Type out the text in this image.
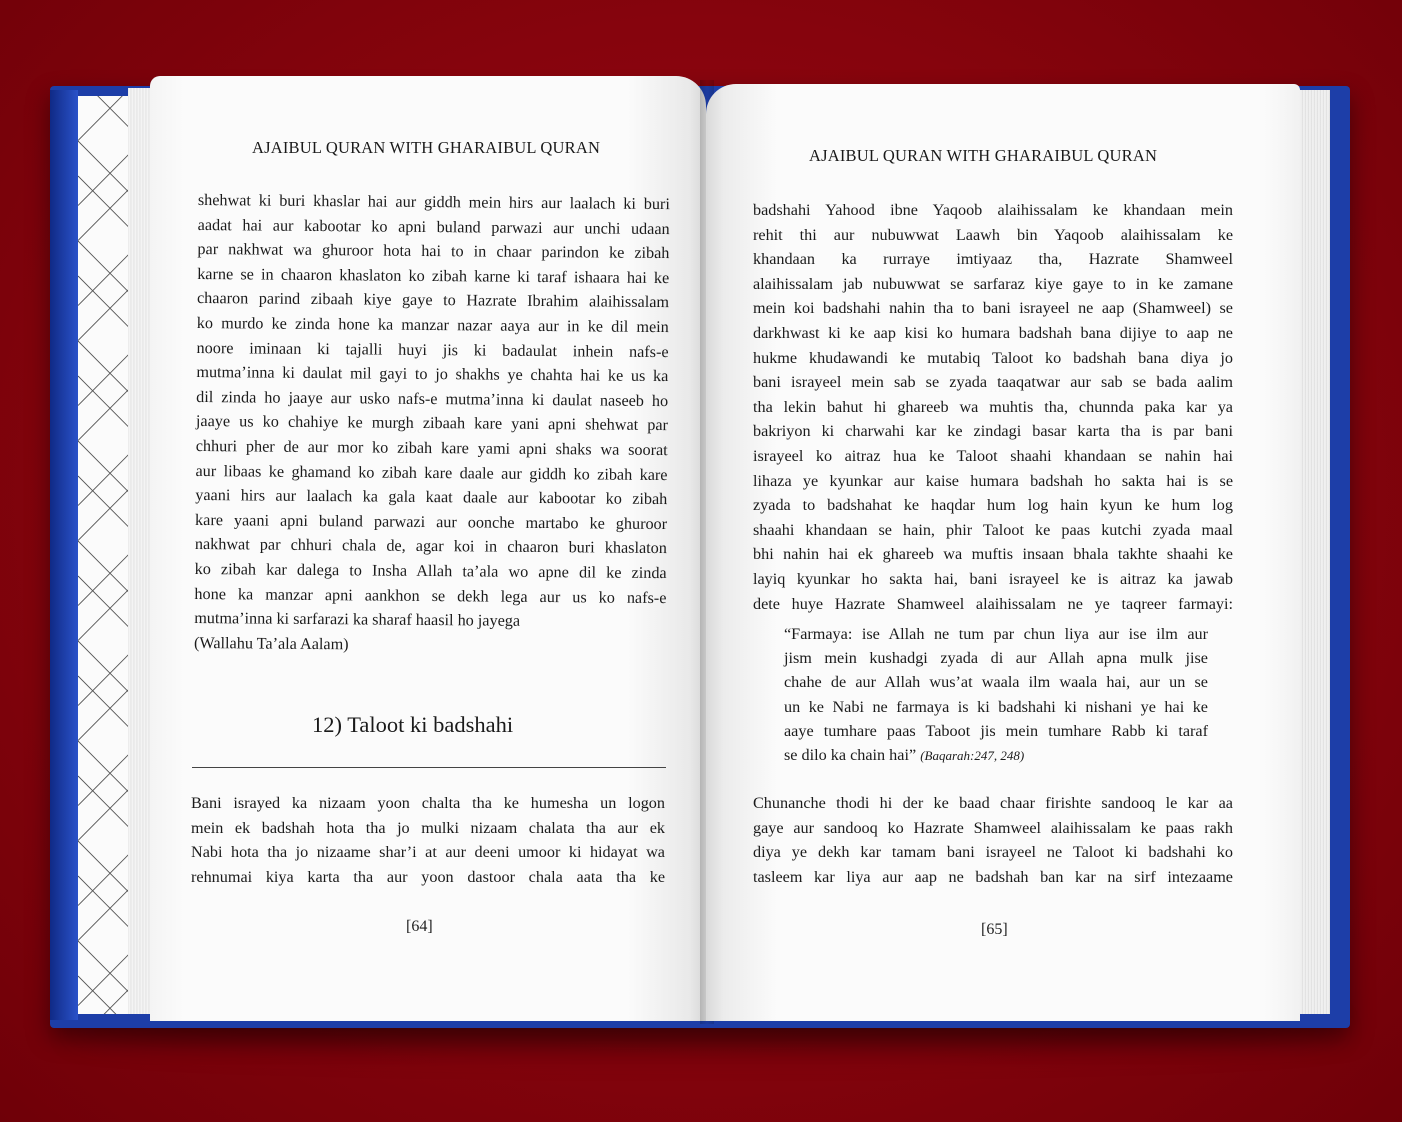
AJAIBUL QURAN WITH GHARAIBUL QURAN
shehwat ki buri khaslar hai aur giddh mein hirs aur laalach ki buri
aadat hai aur kabootar ko apni buland parwazi aur unchi udaan
par nakhwat wa ghuroor hota hai to in chaar parindon ke zibah
karne se in chaaron khaslaton ko zibah karne ki taraf ishaara hai ke
chaaron parind zibaah kiye gaye to Hazrate Ibrahim alaihissalam
ko murdo ke zinda hone ka manzar nazar aaya aur in ke dil mein
noore iminaan ki tajalli huyi jis ki badaulat inhein nafs-e
mutma’inna ki daulat mil gayi to jo shakhs ye chahta hai ke us ka
dil zinda ho jaaye aur usko nafs-e mutma’inna ki daulat naseeb ho
jaaye us ko chahiye ke murgh zibaah kare yani apni shehwat par
chhuri pher de aur mor ko zibah kare yami apni shaks wa soorat
aur libaas ke ghamand ko zibah kare daale aur giddh ko zibah kare
yaani hirs aur laalach ka gala kaat daale aur kabootar ko zibah
kare yaani apni buland parwazi aur oonche martabo ke ghuroor
nakhwat par chhuri chala de, agar koi in chaaron buri khaslaton
ko zibah kar dalega to Insha Allah ta’ala wo apne dil ke zinda
hone ka manzar apni aankhon se dekh lega aur us ko nafs-e
mutma’inna ki sarfarazi ka sharaf haasil ho jayega
(Wallahu Ta’ala Aalam)
12) Taloot ki badshahi
Bani israyed ka nizaam yoon chalta tha ke humesha un logon
mein ek badshah hota tha jo mulki nizaam chalata tha aur ek
Nabi hota tha jo nizaame shar’i at aur deeni umoor ki hidayat wa
rehnumai kiya karta tha aur yoon dastoor chala aata tha ke
[64]
AJAIBUL QURAN WITH GHARAIBUL QURAN
badshahi Yahood ibne Yaqoob alaihissalam ke khandaan mein
rehit thi aur nubuwwat Laawh bin Yaqoob alaihissalam ke
khandaan ka rurraye imtiyaaz tha, Hazrate Shamweel
alaihissalam jab nubuwwat se sarfaraz kiye gaye to in ke zamane
mein koi badshahi nahin tha to bani israyeel ne aap (Shamweel) se
darkhwast ki ke aap kisi ko humara badshah bana dijiye to aap ne
hukme khudawandi ke mutabiq Taloot ko badshah bana diya jo
bani israyeel mein sab se zyada taaqatwar aur sab se bada aalim
tha lekin bahut hi ghareeb wa muhtis tha, chunnda paka kar ya
bakriyon ki charwahi kar ke zindagi basar karta tha is par bani
israyeel ko aitraz hua ke Taloot shaahi khandaan se nahin hai
lihaza ye kyunkar aur kaise humara badshah ho sakta hai is se
zyada to badshahat ke haqdar hum log hain kyun ke hum log
shaahi khandaan se hain, phir Taloot ke paas kutchi zyada maal
bhi nahin hai ek ghareeb wa muftis insaan bhala takhte shaahi ke
layiq kyunkar ho sakta hai, bani israyeel ke is aitraz ka jawab
dete huye Hazrate Shamweel alaihissalam ne ye taqreer farmayi:
“Farmaya: ise Allah ne tum par chun liya aur ise ilm aur
jism mein kushadgi zyada di aur Allah apna mulk jise
chahe de aur Allah wus’at waala ilm waala hai, aur un se
un ke Nabi ne farmaya is ki badshahi ki nishani ye hai ke
aaye tumhare paas Taboot jis mein tumhare Rabb ki taraf
se dilo ka chain hai” (Baqarah:247, 248)
Chunanche thodi hi der ke baad chaar firishte sandooq le kar aa
gaye aur sandooq ko Hazrate Shamweel alaihissalam ke paas rakh
diya ye dekh kar tamam bani israyeel ne Taloot ki badshahi ko
tasleem kar liya aur aap ne badshah ban kar na sirf intezaame
[65]
